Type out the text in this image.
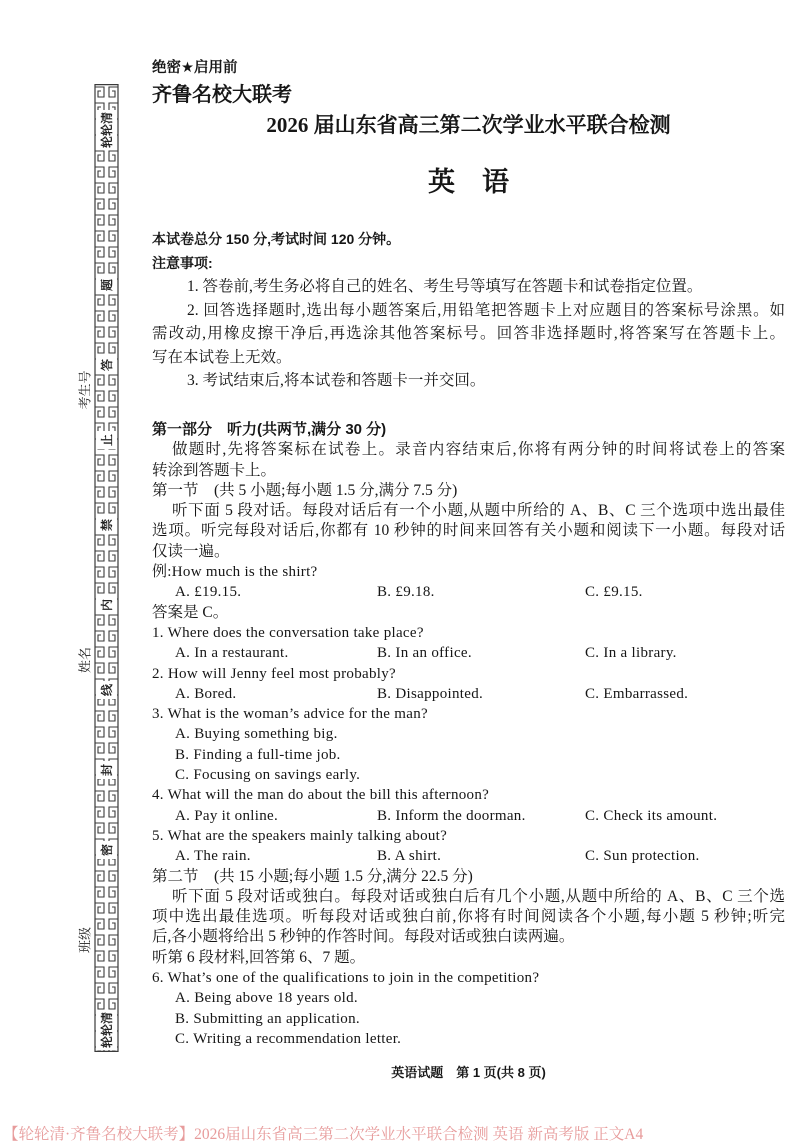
轮轮清
题
答
止
禁
内
线
封
密
轮轮清
考生号
姓名
班级
绝密★启用前
齐鲁名校大联考
2026 届山东省高三第二次学业水平联合检测
英　语
本试卷总分 150 分,考试时间 120 分钟。
注意事项:
1. 答卷前,考生务必将自己的姓名、考生号等填写在答题卡和试卷指定位置。
2. 回答选择题时,选出每小题答案后,用铅笔把答题卡上对应题目的答案标号涂黑。如
需改动,用橡皮擦干净后,再选涂其他答案标号。回答非选择题时,将答案写在答题卡上。
写在本试卷上无效。
3. 考试结束后,将本试卷和答题卡一并交回。
第一部分　听力(共两节,满分 30 分)
做题时,先将答案标在试卷上。录音内容结束后,你将有两分钟的时间将试卷上的答案
转涂到答题卡上。
第一节　(共 5 小题;每小题 1.5 分,满分 7.5 分)
听下面 5 段对话。每段对话后有一个小题,从题中所给的 A、B、C 三个选项中选出最佳
选项。听完每段对话后,你都有 10 秒钟的时间来回答有关小题和阅读下一小题。每段对话
仅读一遍。
例:How much is the shirt?
A. £19.15.	B. £9.18.	C. £9.15.
答案是 C。
1. Where does the conversation take place?
A. In a restaurant.	B. In an office.	C. In a library.
2. How will Jenny feel most probably?
A. Bored.	B. Disappointed.	C. Embarrassed.
3. What is the woman’s advice for the man?
A. Buying something big.
B. Finding a full-time job.
C. Focusing on savings early.
4. What will the man do about the bill this afternoon?
A. Pay it online.	B. Inform the doorman.	C. Check its amount.
5. What are the speakers mainly talking about?
A. The rain.	B. A shirt.	C. Sun protection.
第二节　(共 15 小题;每小题 1.5 分,满分 22.5 分)
听下面 5 段对话或独白。每段对话或独白后有几个小题,从题中所给的 A、B、C 三个选
项中选出最佳选项。听每段对话或独白前,你将有时间阅读各个小题,每小题 5 秒钟;听完
后,各小题将给出 5 秒钟的作答时间。每段对话或独白读两遍。
听第 6 段材料,回答第 6、7 题。
6. What’s one of the qualifications to join in the competition?
A. Being above 18 years old.
B. Submitting an application.
C. Writing a recommendation letter.
英语试题　第 1 页(共 8 页)
【轮轮清·齐鲁名校大联考】2026届山东省高三第二次学业水平联合检测 英语 新高考版 正文A4
